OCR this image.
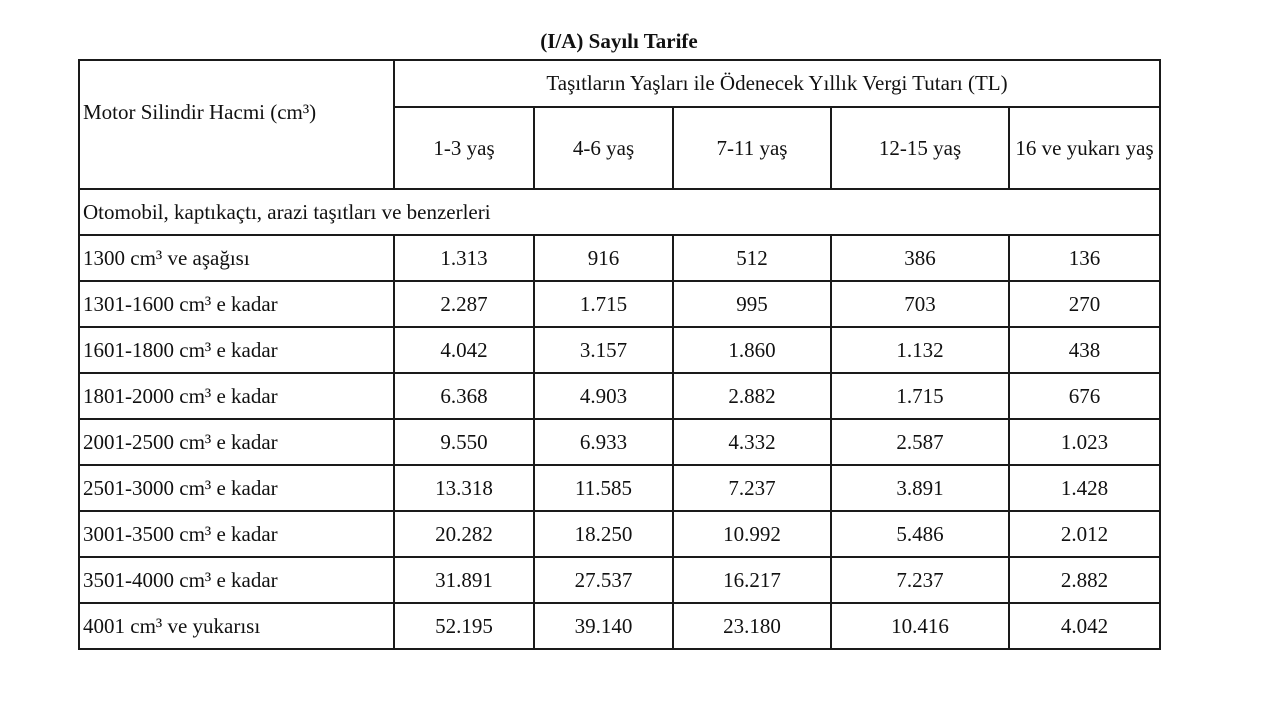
(I/A) Sayılı Tarife
Motor Silindir Hacmi (cm³)	Taşıtların Yaşları ile Ödenecek Yıllık Vergi Tutarı (TL)				
	1-3 yaş	4-6 yaş	7-11 yaş	12-15 yaş	16 ve yukarı yaş
Otomobil, kaptıkaçtı, arazi taşıtları ve benzerleri					
1300 cm³ ve aşağısı	1.313	916	512	386	136
1301-1600 cm³ e kadar	2.287	1.715	995	703	270
1601-1800 cm³ e kadar	4.042	3.157	1.860	1.132	438
1801-2000 cm³ e kadar	6.368	4.903	2.882	1.715	676
2001-2500 cm³ e kadar	9.550	6.933	4.332	2.587	1.023
2501-3000 cm³ e kadar	13.318	11.585	7.237	3.891	1.428
3001-3500 cm³ e kadar	20.282	18.250	10.992	5.486	2.012
3501-4000 cm³ e kadar	31.891	27.537	16.217	7.237	2.882
4001 cm³ ve yukarısı	52.195	39.140	23.180	10.416	4.042
